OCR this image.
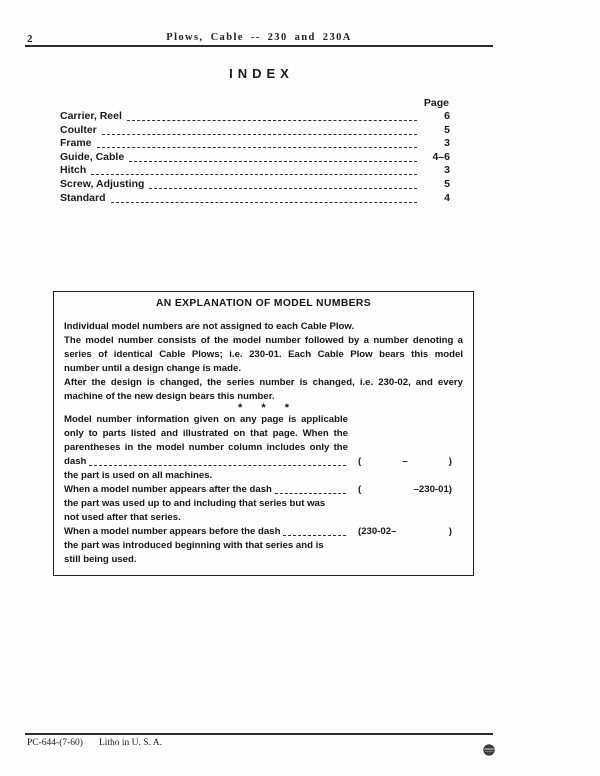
2	Plows, Cable -- 230 and 230A
INDEX
Page
Carrier, Reel	6
Coulter	5
Frame	3
Guide, Cable	4–6
Hitch	3
Screw, Adjusting	5
Standard	4
AN EXPLANATION OF MODEL NUMBERS
Individual model numbers are not assigned to each Cable Plow.
The model number consists of the model number followed by a number denoting a
series of identical Cable Plows; i.e. 230-01. Each Cable Plow bears this model
number until a design change is made.
After the design is changed, the series number is changed, i.e. 230-02, and every
machine of the new design bears this number.
* * *
Model number information given on any page is applicable
only to parts listed and illustrated on that page. When the
parentheses in the model number column includes only the
dash	(	–	)
the part is used on all machines.
When a model number appears after the dash	(	–230-01)
the part was used up to and including that series but was
not used after that series.
When a model number appears before the dash	(230-02–	)
the part was introduced beginning with that series and is
still being used.
PC-644-(7-60) Litho in U. S. A.
